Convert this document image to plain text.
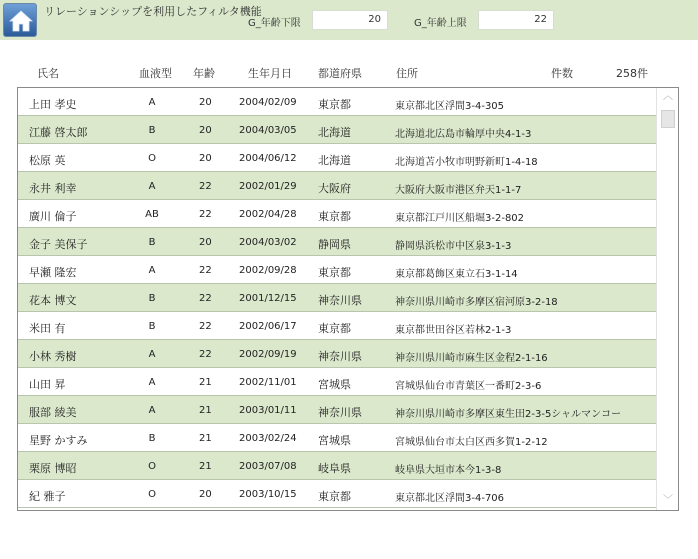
リレーションシップを利用したフィルタ機能
G_年齢下限	20	G_年齢上限	22
氏名	血液型 年齢	生年月日 都道府県	住所	件数	258件
上田 孝史	A	20	2004/02/09 東京都	東京都北区浮間3-4-305
江藤 啓太郎	B	20	2004/03/05 北海道	北海道北広島市輪厚中央4-1-3
松原 英	O	20	2004/06/12 北海道	北海道苫小牧市明野新町1-4-18
永井 利幸	A	22	2002/01/29 大阪府	大阪府大阪市港区弁天1-1-7
廣川 倫子	AB	22	2002/04/28 東京都	東京都江戸川区船堀3-2-802
金子 美保子	B	20	2004/03/02 静岡県	静岡県浜松市中区泉3-1-3
早瀬 隆宏	A	22	2002/09/28 東京都	東京都葛飾区東立石3-1-14
花本 博文	B	22	2001/12/15 神奈川県	神奈川県川崎市多摩区宿河原3-2-18
米田 有	B	22	2002/06/17 東京都	東京都世田谷区若林2-1-3
小林 秀樹	A	22	2002/09/19 神奈川県	神奈川県川崎市麻生区金程2-1-16
山田 昇	A	21	2002/11/01 宮城県	宮城県仙台市青葉区一番町2-3-6
服部 綾美	A	21	2003/01/11 神奈川県	神奈川県川崎市多摩区東生田2-3-5シャルマンコー
星野 かすみ	B	21	2003/02/24 宮城県	宮城県仙台市太白区西多賀1-2-12
栗原 博昭	O	21	2003/07/08 岐阜県	岐阜県大垣市本今1-3-8
紀 雅子	O	20	2003/10/15 東京都	東京都北区浮間3-4-706
︿
﹀
